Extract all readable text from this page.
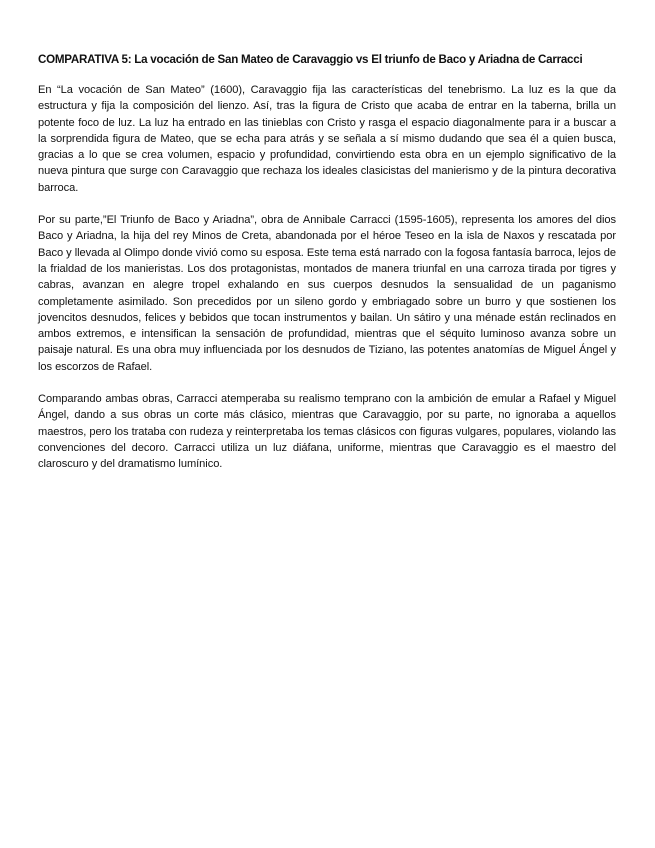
COMPARATIVA 5: La vocación de San Mateo de Caravaggio vs El triunfo de Baco y Ariadna de Carracci

En “La vocación de San Mateo” (1600), Caravaggio fija las características del tenebrismo. La luz es la que da estructura y fija la composición del lienzo. Así, tras la figura de Cristo que acaba de entrar en la taberna, brilla un potente foco de luz. La luz ha entrado en las tinieblas con Cristo y rasga el espacio diagonalmente para ir a buscar a la sorprendida figura de Mateo, que se echa para atrás y se señala a sí mismo dudando que sea él a quien busca, gracias a lo que se crea volumen, espacio y profundidad, convirtiendo esta obra en un ejemplo significativo de la nueva pintura que surge con Caravaggio que rechaza los ideales clasicistas del manierismo y de la pintura decorativa barroca.

Por su parte,”El Triunfo de Baco y Ariadna”, obra de Annibale Carracci (1595-1605), representa los amores del dios Baco y Ariadna, la hija del rey Minos de Creta, abandonada por el héroe Teseo en la isla de Naxos y rescatada por Baco y llevada al Olimpo donde vivió como su esposa. Este tema está narrado con la fogosa fantasía barroca, lejos de la frialdad de los manieristas. Los dos protagonistas, montados de manera triunfal en una carroza tirada por tigres y cabras, avanzan en alegre tropel exhalando en sus cuerpos desnudos la sensualidad de un paganismo completamente asimilado. Son precedidos por un sileno gordo y embriagado sobre un burro y que sostienen los jovencitos desnudos, felices y bebidos que tocan instrumentos y bailan. Un sátiro y una ménade están reclinados en ambos extremos, e intensifican la sensación de profundidad, mientras que el séquito luminoso avanza sobre un paisaje natural. Es una obra muy influenciada por los desnudos de Tiziano, las potentes anatomías de Miguel Ángel y los escorzos de Rafael.

Comparando ambas obras, Carracci atemperaba su realismo temprano con la ambición de emular a Rafael y Miguel Ángel, dando a sus obras un corte más clásico, mientras que Caravaggio, por su parte, no ignoraba a aquellos maestros, pero los trataba con rudeza y reinterpretaba los temas clásicos con figuras vulgares, populares, violando las convenciones del decoro. Carracci utiliza un luz diáfana, uniforme, mientras que Caravaggio es el maestro del claroscuro y del dramatismo lumínico.
